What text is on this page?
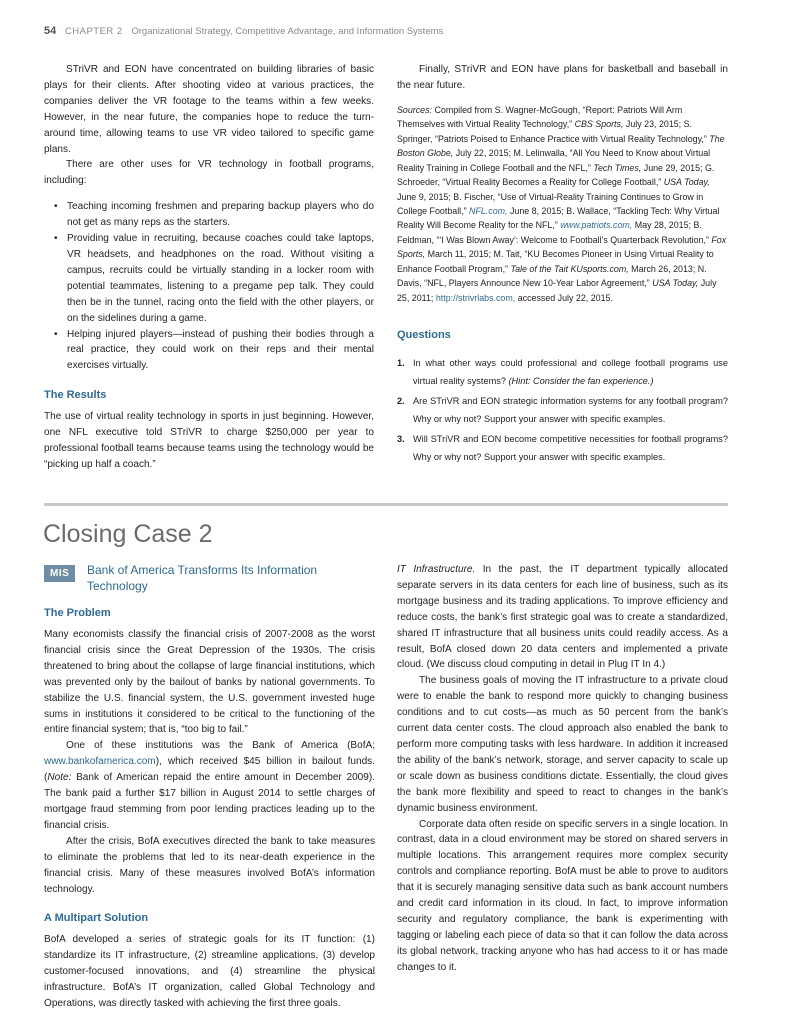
54 CHAPTER 2 Organizational Strategy, Competitive Advantage, and Information Systems

STriVR and EON have concentrated on building libraries of basic plays for their clients. After shooting video at various practices, the companies deliver the VR footage to the teams within a few weeks. However, in the near future, the companies hope to reduce the turn-around time, allowing teams to use VR video tailored to specific game plans.

There are other uses for VR technology in football programs, including:

• Teaching incoming freshmen and preparing backup players who do not get as many reps as the starters.
• Providing value in recruiting, because coaches could take laptops, VR headsets, and headphones on the road. Without visiting a campus, recruits could be virtually standing in a locker room with potential teammates, listening to a pregame pep talk. They could then be in the tunnel, racing onto the field with the other players, or on the sidelines during a game.
• Helping injured players—instead of pushing their bodies through a real practice, they could work on their reps and their mental exercises virtually.
The Results

The use of virtual reality technology in sports in just beginning. However, one NFL executive told STriVR to charge $250,000 per year to professional football teams because teams using the technology would be “picking up half a coach.”

Finally, STriVR and EON have plans for basketball and baseball in the near future.

Sources: Compiled from S. Wagner-McGough, “Report: Patriots Will Arm Themselves with Virtual Reality Technology,” CBS Sports, July 23, 2015; S. Springer, “Patriots Poised to Enhance Practice with Virtual Reality Technology,” The Boston Globe, July 22, 2015; M. Lelinwalla, “All You Need to Know about Virtual Reality Training in College Football and the NFL,” Tech Times, June 29, 2015; G. Schroeder, “Virtual Reality Becomes a Reality for College Football,” USA Today, June 9, 2015; B. Fischer, “Use of Virtual-Reality Training Continues to Grow in College Football,” NFL.com, June 8, 2015; B. Wallace, “Tackling Tech: Why Virtual Reality Will Become Reality for the NFL,” www.patriots.com, May 28, 2015; B. Feldman, “‘I Was Blown Away’: Welcome to Football’s Quarterback Revolution,” Fox Sports, March 11, 2015; M. Tait, “KU Becomes Pioneer in Using Virtual Reality to Enhance Football Program,” Tale of the Tait KUsports.com, March 26, 2013; N. Davis, “NFL, Players Announce New 10-Year Labor Agreement,” USA Today, July 25, 2011; http://strivrlabs.com, accessed July 22, 2015.
Questions
1. In what other ways could professional and college football programs use virtual reality systems? (Hint: Consider the fan experience.)
2. Are STriVR and EON strategic information systems for any football program? Why or why not? Support your answer with specific examples.
3. Will STriVR and EON become competitive necessities for football programs? Why or why not? Support your answer with specific examples.
Closing Case 2
MIS	Bank of America Transforms Its Information Technology
The Problem

Many economists classify the financial crisis of 2007-2008 as the worst financial crisis since the Great Depression of the 1930s. The crisis threatened to bring about the collapse of large financial institutions, which was prevented only by the bailout of banks by national governments. To stabilize the U.S. financial system, the U.S. government invested huge sums in institutions it considered to be critical to the functioning of the entire financial system; that is, “too big to fail.”

One of these institutions was the Bank of America (BofA; www.bankofamerica.com), which received $45 billion in bailout funds. (Note: Bank of American repaid the entire amount in December 2009). The bank paid a further $17 billion in August 2014 to settle charges of mortgage fraud stemming from poor lending practices leading up to the financial crisis.

After the crisis, BofA executives directed the bank to take measures to eliminate the problems that led to its near-death experience in the financial crisis. Many of these measures involved BofA’s information technology.

A Multipart Solution

BofA developed a series of strategic goals for its IT function: (1) standardize its IT infrastructure, (2) streamline applications, (3) develop customer-focused innovations, and (4) streamline the physical infrastructure. BofA’s IT organization, called Global Technology and Operations, was directly tasked with achieving the first three goals.

IT Infrastructure. In the past, the IT department typically allocated separate servers in its data centers for each line of business, such as its mortgage business and its trading applications. To improve efficiency and reduce costs, the bank’s first strategic goal was to create a standardized, shared IT infrastructure that all business units could readily access. As a result, BofA closed down 20 data centers and implemented a private cloud. (We discuss cloud computing in detail in Plug IT In 4.)

The business goals of moving the IT infrastructure to a private cloud were to enable the bank to respond more quickly to changing business conditions and to cut costs—as much as 50 percent from the bank’s current data center costs. The cloud approach also enabled the bank to perform more computing tasks with less hardware. In addition it increased the ability of the bank’s network, storage, and server capacity to scale up or scale down as business conditions dictate. Essentially, the cloud gives the bank more flexibility and speed to react to changes in the bank’s dynamic business environment.

Corporate data often reside on specific servers in a single location. In contrast, data in a cloud environment may be stored on shared servers in multiple locations. This arrangement requires more complex security controls and compliance reporting. BofA must be able to prove to auditors that it is securely managing sensitive data such as bank account numbers and credit card information in its cloud. In fact, to improve information security and regulatory compliance, the bank is experimenting with tagging or labeling each piece of data so that it can follow the data across its global network, tracking anyone who has had access to it or has made changes to it.
